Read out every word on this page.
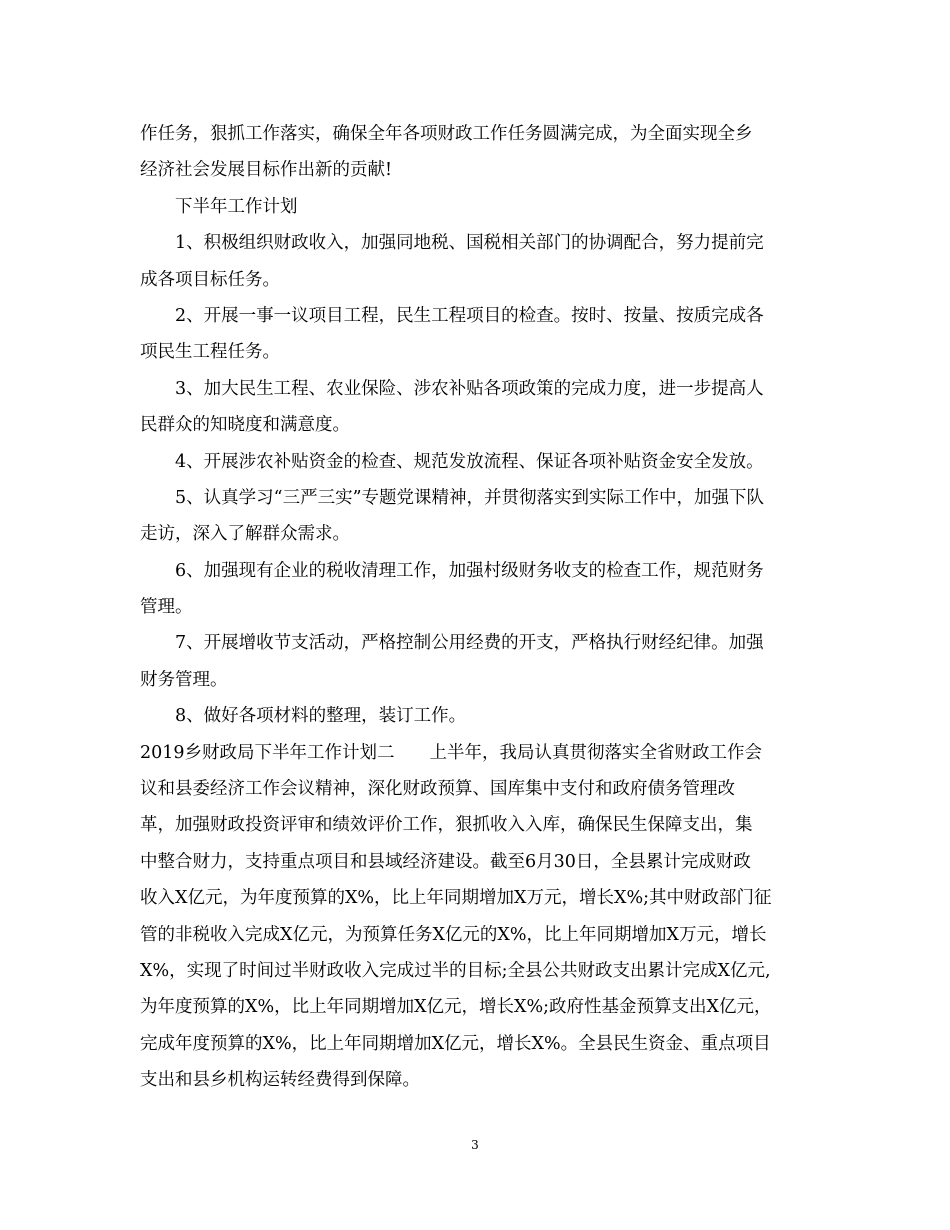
作任务，狠抓工作落实，确保全年各项财政工作任务圆满完成，为全面实现全乡
经济社会发展目标作出新的贡献!
下半年工作计划
1、积极组织财政收入，加强同地税、国税相关部门的协调配合，努力提前完
成各项目标任务。
2、开展一事一议项目工程，民生工程项目的检查。按时、按量、按质完成各
项民生工程任务。
3、加大民生工程、农业保险、涉农补贴各项政策的完成力度，进一步提高人
民群众的知晓度和满意度。
4、开展涉农补贴资金的检查、规范发放流程、保证各项补贴资金安全发放。
5、认真学习“三严三实”专题党课精神，并贯彻落实到实际工作中，加强下队
走访，深入了解群众需求。
6、加强现有企业的税收清理工作，加强村级财务收支的检查工作，规范财务
管理。
7、开展增收节支活动，严格控制公用经费的开支，严格执行财经纪律。加强
财务管理。
8、做好各项材料的整理，装订工作。
2019乡财政局下半年工作计划二　　上半年，我局认真贯彻落实全省财政工作会
议和县委经济工作会议精神，深化财政预算、国库集中支付和政府债务管理改
革，加强财政投资评审和绩效评价工作，狠抓收入入库，确保民生保障支出，集
中整合财力，支持重点项目和县域经济建设。截至6月30日，全县累计完成财政
收入X亿元，为年度预算的X%，比上年同期增加X万元，增长X%;其中财政部门征
管的非税收入完成X亿元，为预算任务X亿元的X%，比上年同期增加X万元，增长
X%，实现了时间过半财政收入完成过半的目标;全县公共财政支出累计完成X亿元,
为年度预算的X%，比上年同期增加X亿元，增长X%;政府性基金预算支出X亿元，
完成年度预算的X%，比上年同期增加X亿元，增长X%。全县民生资金、重点项目
支出和县乡机构运转经费得到保障。
3
